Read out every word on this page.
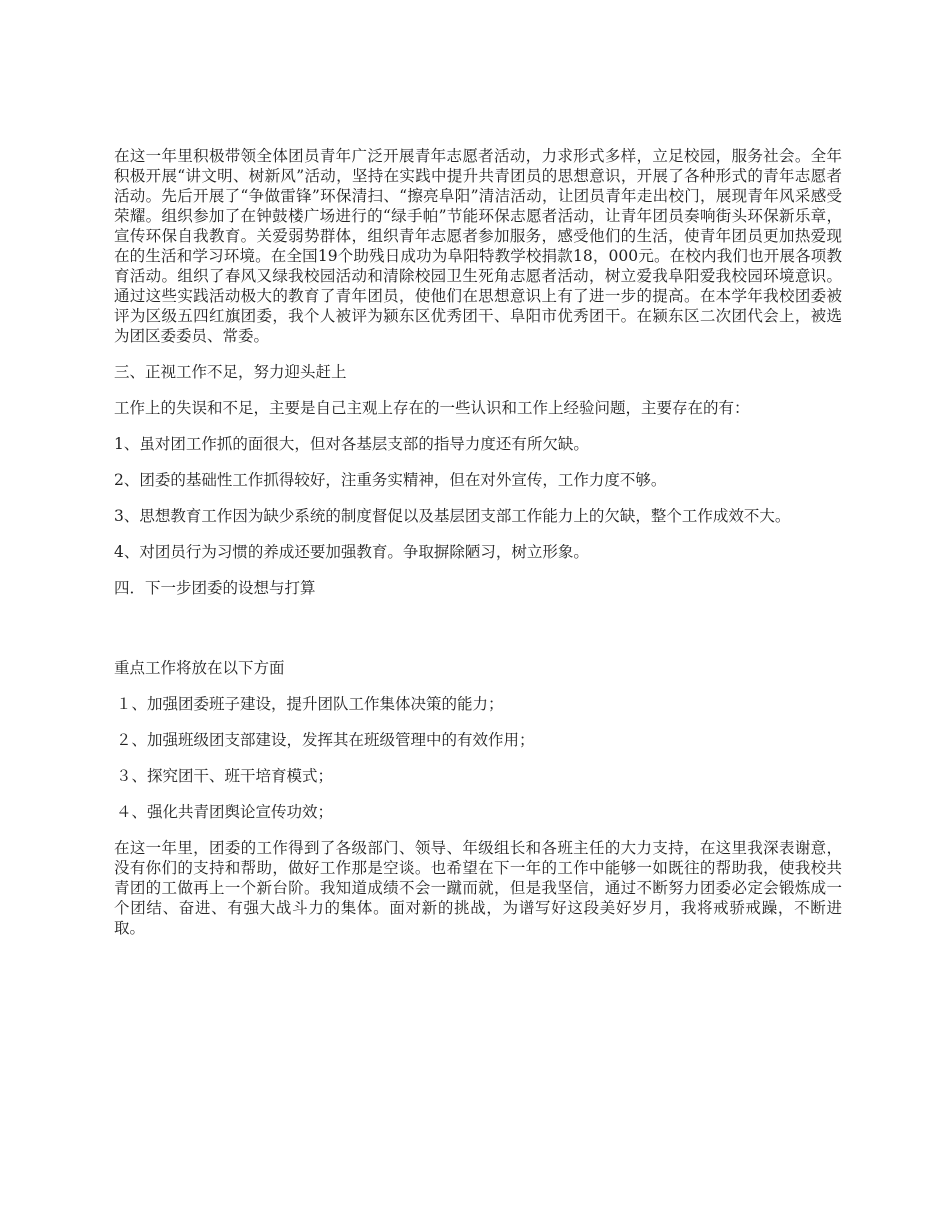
在这一年里积极带领全体团员青年广泛开展青年志愿者活动，力求形式多样，立足校园，服务社会。全年积极开展“讲文明、树新风”活动，坚持在实践中提升共青团员的思想意识，开展了各种形式的青年志愿者活动。先后开展了“争做雷锋”环保清扫、“擦亮阜阳”清洁活动，让团员青年走出校门，展现青年风采感受荣耀。组织参加了在钟鼓楼广场进行的“绿手帕”节能环保志愿者活动，让青年团员奏响街头环保新乐章，宣传环保自我教育。关爱弱势群体，组织青年志愿者参加服务，感受他们的生活，使青年团员更加热爱现在的生活和学习环境。在全国19个助残日成功为阜阳特教学校捐款18，000元。在校内我们也开展各项教育活动。组织了春风又绿我校园活动和清除校园卫生死角志愿者活动，树立爱我阜阳爱我校园环境意识。通过这些实践活动极大的教育了青年团员，使他们在思想意识上有了进一步的提高。在本学年我校团委被评为区级五四红旗团委，我个人被评为颍东区优秀团干、阜阳市优秀团干。在颍东区二次团代会上，被选为团区委委员、常委。

三、正视工作不足，努力迎头赶上

工作上的失误和不足，主要是自己主观上存在的一些认识和工作上经验问题，主要存在的有：

1、虽对团工作抓的面很大，但对各基层支部的指导力度还有所欠缺。

2、团委的基础性工作抓得较好，注重务实精神，但在对外宣传，工作力度不够。

3、思想教育工作因为缺少系统的制度督促以及基层团支部工作能力上的欠缺，整个工作成效不大。

4、对团员行为习惯的养成还要加强教育。争取摒除陋习，树立形象。

四．下一步团委的设想与打算

重点工作将放在以下方面

１、加强团委班子建设，提升团队工作集体决策的能力；

２、加强班级团支部建设，发挥其在班级管理中的有效作用；

３、探究团干、班干培育模式；

４、强化共青团舆论宣传功效；

在这一年里，团委的工作得到了各级部门、领导、年级组长和各班主任的大力支持，在这里我深表谢意，没有你们的支持和帮助，做好工作那是空谈。也希望在下一年的工作中能够一如既往的帮助我，使我校共青团的工做再上一个新台阶。我知道成绩不会一蹴而就，但是我坚信，通过不断努力团委必定会锻炼成一个团结、奋进、有强大战斗力的集体。面对新的挑战，为谱写好这段美好岁月，我将戒骄戒躁，不断进取。
